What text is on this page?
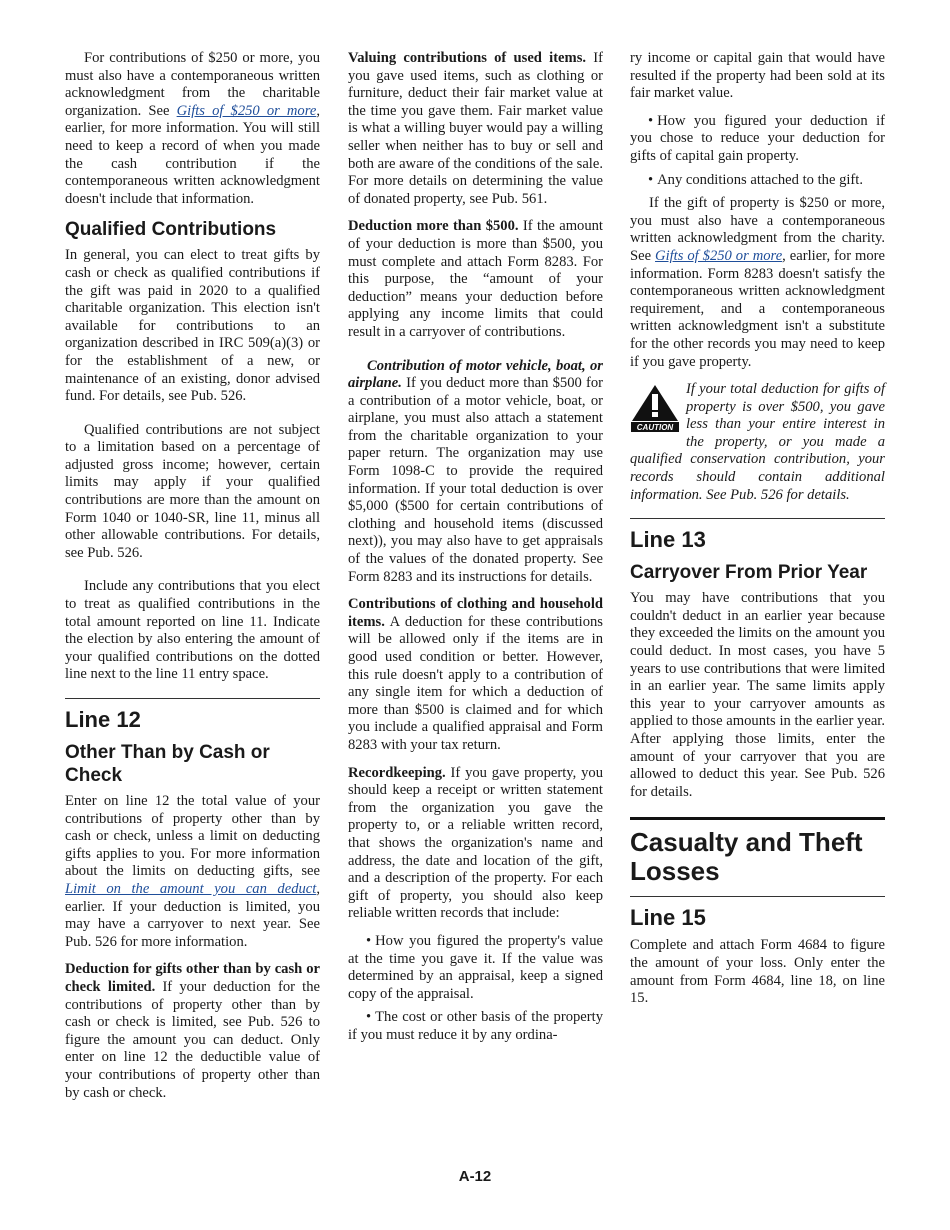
For contributions of $250 or more, you must also have a contemporaneous written acknowledgment from the charitable organization. See Gifts of $250 or more, earlier, for more information. You will still need to keep a record of when you made the cash contribution if the contemporaneous written acknowledgment doesn't include that information.

Qualified Contributions

In general, you can elect to treat gifts by cash or check as qualified contributions if the gift was paid in 2020 to a qualified charitable organization. This election isn't available for contributions to an organization described in IRC 509(a)(3) or for the establishment of a new, or maintenance of an existing, donor advised fund. For details, see Pub. 526.

Qualified contributions are not subject to a limitation based on a percentage of adjusted gross income; however, certain limits may apply if your qualified contributions are more than the amount on Form 1040 or 1040-SR, line 11, minus all other allowable contributions. For details, see Pub. 526.

Include any contributions that you elect to treat as qualified contributions in the total amount reported on line 11. Indicate the election by also entering the amount of your qualified contributions on the dotted line next to the line 11 entry space.

Line 12
Other Than by Cash or Check

Enter on line 12 the total value of your contributions of property other than by cash or check, unless a limit on deducting gifts applies to you. For more information about the limits on deducting gifts, see Limit on the amount you can deduct, earlier. If your deduction is limited, you may have a carryover to next year. See Pub. 526 for more information.

Deduction for gifts other than by cash or check limited. If your deduction for the contributions of property other than by cash or check is limited, see Pub. 526 to figure the amount you can deduct. Only enter on line 12 the deductible value of your contributions of property other than by cash or check.

Valuing contributions of used items. If you gave used items, such as clothing or furniture, deduct their fair market value at the time you gave them. Fair market value is what a willing buyer would pay a willing seller when neither has to buy or sell and both are aware of the conditions of the sale. For more details on determining the value of donated property, see Pub. 561.

Deduction more than $500. If the amount of your deduction is more than $500, you must complete and attach Form 8283. For this purpose, the “amount of your deduction” means your deduction before applying any income limits that could result in a carryover of contributions.

Contribution of motor vehicle, boat, or airplane. If you deduct more than $500 for a contribution of a motor vehicle, boat, or airplane, you must also attach a statement from the charitable organization to your paper return. The organization may use Form 1098-C to provide the required information. If your total deduction is over $5,000 ($500 for certain contributions of clothing and household items (discussed next)), you may also have to get appraisals of the values of the donated property. See Form 8283 and its instructions for details.

Contributions of clothing and household items. A deduction for these contributions will be allowed only if the items are in good used condition or better. However, this rule doesn't apply to a contribution of any single item for which a deduction of more than $500 is claimed and for which you include a qualified appraisal and Form 8283 with your tax return.

Recordkeeping. If you gave property, you should keep a receipt or written statement from the organization you gave the property to, or a reliable written record, that shows the organization's name and address, the date and location of the gift, and a description of the property. For each gift of property, you should also keep reliable written records that include:

• How you figured the property's value at the time you gave it. If the value was determined by an appraisal, keep a signed copy of the appraisal.

• The cost or other basis of the property if you must reduce it by any ordina-

ry income or capital gain that would have resulted if the property had been sold at its fair market value.

• How you figured your deduction if you chose to reduce your deduction for gifts of capital gain property.

• Any conditions attached to the gift.

If the gift of property is $250 or more, you must also have a contemporaneous written acknowledgment from the charity. See Gifts of $250 or more, earlier, for more information. Form 8283 doesn't satisfy the contemporaneous written acknowledgment requirement, and a contemporaneous written acknowledgment isn't a substitute for the other records you may need to keep if you gave property.

CAUTION
If your total deduction for gifts of property is over $500, you gave less than your entire interest in the property, or you made a qualified conservation contribution, your records should contain additional information. See Pub. 526 for details.
Line 13
Carryover From Prior Year

You may have contributions that you couldn't deduct in an earlier year because they exceeded the limits on the amount you could deduct. In most cases, you have 5 years to use contributions that were limited in an earlier year. The same limits apply this year to your carryover amounts as applied to those amounts in the earlier year. After applying those limits, enter the amount of your carryover that you are allowed to deduct this year. See Pub. 526 for details.

Casualty and Theft Losses
Line 15

Complete and attach Form 4684 to figure the amount of your loss. Only enter the amount from Form 4684, line 18, on line 15.

A-12
